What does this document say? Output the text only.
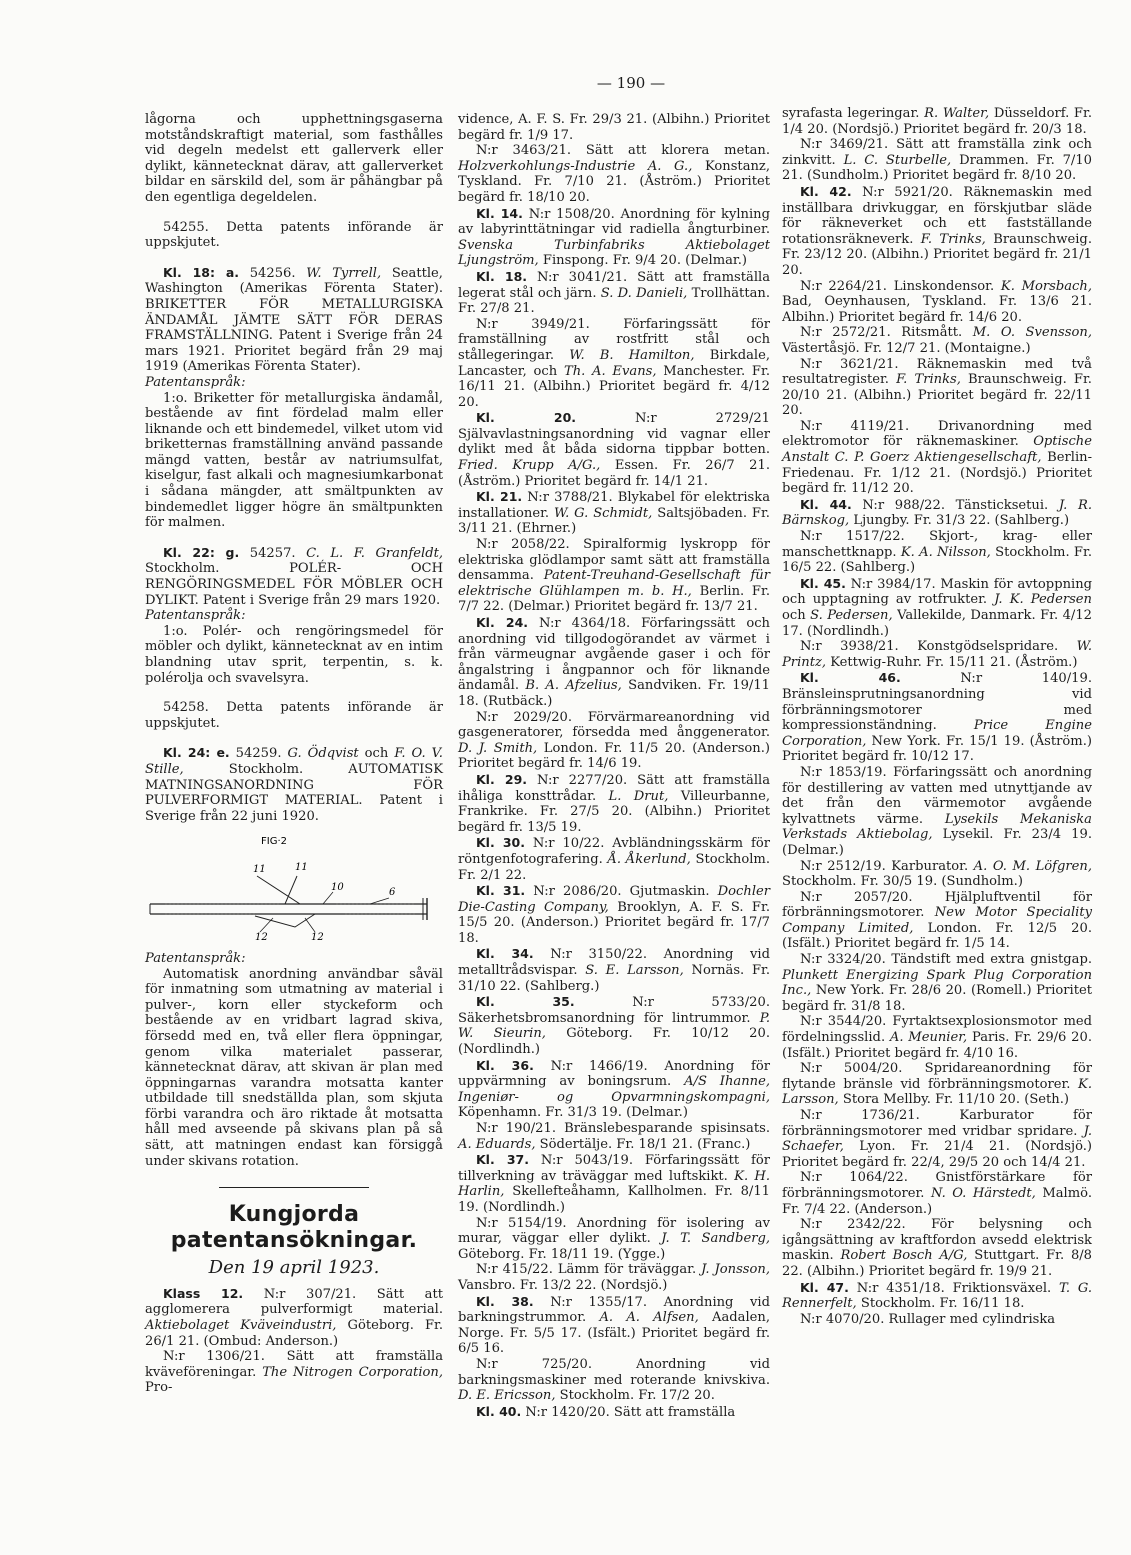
— 190 —

lågorna och upphettningsgaserna motståndskraftigt material, som fasthålles vid degeln medelst ett gallerverk eller dylikt, kännetecknat därav, att gallerverket bildar en särskild del, som är påhängbar på den egentliga degeldelen.

54255. Detta patents införande är uppskjutet.

Kl. 18: a. 54256. W. Tyrrell, Seattle, Washington (Amerikas Förenta Stater). BRIKETTER FÖR METALLURGISKA ÄNDAMÅL JÄMTE SÄTT FÖR DERAS FRAMSTÄLLNING. Patent i Sverige från 24 mars 1921. Prioritet begärd från 29 maj 1919 (Amerikas Förenta Stater).

Patentanspråk:

1:o. Briketter för metallurgiska ändamål, bestående av fint fördelad malm eller liknande och ett bindemedel, vilket utom vid briketternas framställning använd passande mängd vatten, består av natriumsulfat, kiselgur, fast alkali och magnesiumkarbonat i sådana mängder, att smältpunkten av bindemedlet ligger högre än smältpunkten för malmen.

Kl. 22: g. 54257. C. L. F. Granfeldt, Stockholm. POLÉR- OCH RENGÖRINGSMEDEL FÖR MÖBLER OCH DYLIKT. Patent i Sverige från 29 mars 1920.

Patentanspråk:

1:o. Polér- och rengöringsmedel för möbler och dylikt, kännetecknat av en intim blandning utav sprit, terpentin, s. k. polérolja och svavelsyra.

54258. Detta patents införande är uppskjutet.

Kl. 24: e. 54259. G. Ödqvist och F. O. V. Stille,	Stockholm. AUTOMATISK MATNINGSANORDNING FÖR PULVERFORMIGT MATERIAL. Patent i Sverige från 22 juni 1920.

FIG·2
11	11
10	6
12	12

Patentanspråk:

Automatisk anordning användbar såväl för inmatning som utmatning av material i pulver-, korn eller styckeform och bestående av en vridbart lagrad skiva, försedd med en, två eller flera öppningar, genom vilka materialet passerar, kännetecknat därav, att skivan är plan med öppningarnas varandra motsatta kanter utbildade till snedställda plan, som skjuta förbi varandra och äro riktade åt motsatta håll med avseende på skivans plan på så sätt, att matningen endast kan försiggå under skivans rotation.

Kungjorda patentansökningar.
Den 19 april 1923.

Klass 12. N:r 307/21. Sätt att agglomerera pulverformigt material. Aktiebolaget Kväveindustri, Göteborg. Fr. 26/1 21. (Ombud: Anderson.)

N:r 1306/21. Sätt att framställa kväveföreningar. The Nitrogen Corporation, Pro-

vidence, A. F. S. Fr. 29/3 21. (Albihn.) Prioritet begärd fr. 1/9 17.

N:r 3463/21. Sätt att klorera metan. Holzverkohlungs-Industrie A. G., Konstanz, Tyskland. Fr. 7/10 21. (Åström.) Prioritet begärd fr. 18/10 20.

Kl. 14. N:r 1508/20. Anordning för kylning av labyrinttätningar vid radiella ångturbiner. Svenska Turbinfabriks Aktiebolaget Ljungström, Finspong. Fr. 9/4 20. (Delmar.)

Kl. 18. N:r 3041/21. Sätt att framställa legerat stål och järn. S. D. Danieli, Trollhättan. Fr. 27/8 21.

N:r 3949/21. Förfaringssätt för framställning av rostfritt stål och stållegeringar. W. B. Hamilton, Birkdale, Lancaster, och Th. A. Evans, Manchester. Fr. 16/11 21. (Albihn.) Prioritet begärd fr. 4/12 20.

Kl. 20.	N:r 2729/21 Självavlastningsanordning vid vagnar eller dylikt med åt båda sidorna tippbar botten. Fried. Krupp A/G., Essen. Fr. 26/7 21. (Åström.) Prioritet begärd fr. 14/1 21.

Kl. 21. N:r 3788/21. Blykabel för elektriska installationer. W. G. Schmidt, Saltsjöbaden. Fr. 3/11 21. (Ehrner.)

N:r 2058/22. Spiralformig lyskropp för elektriska glödlampor samt sätt att framställa densamma. Patent-Treuhand-Gesellschaft für elektrische Glühlampen m. b. H., Berlin. Fr. 7/7 22. (Delmar.) Prioritet begärd fr. 13/7 21.

Kl. 24. N:r 4364/18. Förfaringssätt och anordning vid tillgodogörandet av värmet i från värmeugnar avgående gaser i och för ångalstring i ångpannor och för liknande ändamål. B. A. Afzelius, Sandviken. Fr. 19/11 18. (Rutbäck.)

N:r 2029/20. Förvärmareanordning vid gasgeneratorer, försedda med ånggenerator. D. J. Smith, London. Fr. 11/5 20. (Anderson.) Prioritet begärd fr. 14/6 19.

Kl. 29. N:r 2277/20. Sätt att framställa ihåliga konsttrådar. L. Drut, Villeurbanne, Frankrike. Fr. 27/5 20. (Albihn.) Prioritet begärd fr. 13/5 19.

Kl. 30. N:r 10/22. Avbländningsskärm för röntgenfotografering. Å. Åkerlund, Stockholm. Fr. 2/1 22.

Kl. 31. N:r 2086/20. Gjutmaskin. Dochler Die-Casting Company, Brooklyn, A. F. S. Fr. 15/5 20. (Anderson.) Prioritet begärd fr. 17/7 18.

Kl. 34. N:r 3150/22. Anordning vid metalltrådsvispar. S. E. Larsson, Nornäs. Fr. 31/10 22. (Sahlberg.)

Kl. 35.	N:r 5733/20. Säkerhetsbromsanordning för lintrummor. P. W. Sieurin, Göteborg. Fr. 10/12 20. (Nordlindh.)

Kl. 36. N:r 1466/19. Anordning för uppvärmning av boningsrum. A/S Ihanne, Ingeniør- og Opvarmningskompagni, Köpenhamn. Fr. 31/3 19. (Delmar.)

N:r 190/21. Bränslebesparande spisinsats. A. Eduards, Södertälje. Fr. 18/1 21. (Franc.)

Kl. 37. N:r 5043/19. Förfaringssätt för tillverkning av träväggar med luftskikt. K. H. Harlin, Skellefteåhamn, Kallholmen. Fr. 8/11 19. (Nordlindh.)

N:r 5154/19. Anordning för isolering av murar, väggar eller dylikt. J. T. Sandberg, Göteborg. Fr. 18/11 19. (Ygge.)

N:r 415/22. Lämm för träväggar. J. Jonsson, Vansbro. Fr. 13/2 22. (Nordsjö.)

Kl. 38. N:r 1355/17. Anordning vid barkningstrummor. A. A. Alfsen, Aadalen, Norge. Fr. 5/5 17. (Isfält.) Prioritet begärd fr. 6/5 16.

N:r 725/20. Anordning vid barkningsmaskiner med roterande knivskiva. D. E. Ericsson, Stockholm. Fr. 17/2 20.

Kl. 40. N:r 1420/20. Sätt att framställa

syrafasta legeringar. R. Walter, Düsseldorf. Fr. 1/4 20. (Nordsjö.) Prioritet begärd fr. 20/3 18.

N:r 3469/21. Sätt att framställa zink och zinkvitt. L. C. Sturbelle, Drammen. Fr. 7/10 21. (Sundholm.) Prioritet begärd fr. 8/10 20.

Kl. 42. N:r 5921/20. Räknemaskin med inställbara drivkuggar, en förskjutbar släde för räkneverket och ett fastställande rotationsräkneverk. F. Trinks, Braunschweig. Fr. 23/12 20. (Albihn.) Prioritet begärd fr. 21/1 20.

N:r 2264/21. Linskondensor. K. Morsbach, Bad, Oeynhausen, Tyskland. Fr. 13/6 21. Albihn.) Prioritet begärd fr. 14/6 20.

N:r 2572/21. Ritsmått. M. O. Svensson, Västertåsjö. Fr. 12/7 21. (Montaigne.)

N:r 3621/21. Räknemaskin med två resultatregister. F. Trinks, Braunschweig. Fr. 20/10 21. (Albihn.) Prioritet begärd fr. 22/11 20.

N:r 4119/21. Drivanordning med elektromotor för räknemaskiner. Optische Anstalt C. P. Goerz Aktiengesellschaft, Berlin-Friedenau. Fr. 1/12 21. (Nordsjö.) Prioritet begärd fr. 11/12 20.

Kl. 44. N:r 988/22. Tänsticksetui. J. R. Bärnskog, Ljungby. Fr. 31/3 22. (Sahlberg.)

N:r 1517/22. Skjort-, krag- eller manschettknapp. K. A. Nilsson, Stockholm. Fr. 16/5 22. (Sahlberg.)

Kl. 45. N:r 3984/17. Maskin för avtoppning och upptagning av rotfrukter. J. K. Pedersen och S. Pedersen, Vallekilde, Danmark. Fr. 4/12 17. (Nordlindh.)

N:r 3938/21. Konstgödselspridare. W. Printz, Kettwig-Ruhr. Fr. 15/11 21. (Åström.)

Kl. 46.	N:r 140/19. Bränsleinsprutningsanordning vid förbränningsmotorer med kompressionständning.	Price Engine Corporation, New York. Fr. 15/1 19. (Åström.) Prioritet begärd fr. 10/12 17.

N:r 1853/19. Förfaringssätt och anordning för destillering av vatten med utnyttjande av det från den värmemotor avgående kylvattnets värme. Lysekils Mekaniska Verkstads Aktiebolag, Lysekil. Fr. 23/4 19. (Delmar.)

N:r 2512/19. Karburator. A. O. M. Löfgren, Stockholm. Fr. 30/5 19. (Sundholm.)

N:r 2057/20. Hjälpluftventil för förbränningsmotorer. New Motor Speciality Company Limited, London. Fr. 12/5 20. (Isfält.) Prioritet begärd fr. 1/5 14.

N:r 3324/20. Tändstift med extra gnistgap. Plunkett Energizing Spark Plug Corporation Inc., New York. Fr. 28/6 20. (Romell.) Prioritet begärd fr. 31/8 18.

N:r 3544/20. Fyrtaktsexplosionsmotor med fördelningsslid. A. Meunier, Paris. Fr. 29/6 20. (Isfält.) Prioritet begärd fr. 4/10 16.

N:r 5004/20. Spridareanordning för flytande bränsle vid förbränningsmotorer. K. Larsson, Stora Mellby. Fr. 11/10 20. (Seth.)

N:r 1736/21. Karburator för förbränningsmotorer med vridbar spridare. J. Schaefer, Lyon. Fr. 21/4 21. (Nordsjö.) Prioritet begärd fr. 22/4, 29/5 20 och 14/4 21.

N:r 1064/22. Gnistförstärkare för förbränningsmotorer. N. O. Härstedt, Malmö. Fr. 7/4 22. (Anderson.)

N:r 2342/22. För belysning och igångsättning av kraftfordon avsedd elektrisk maskin. Robert Bosch A/G, Stuttgart. Fr. 8/8 22. (Albihn.) Prioritet begärd fr. 19/9 21.

Kl. 47. N:r 4351/18. Friktionsväxel. T. G. Rennerfelt, Stockholm. Fr. 16/11 18.

N:r 4070/20. Rullager med cylindriska
